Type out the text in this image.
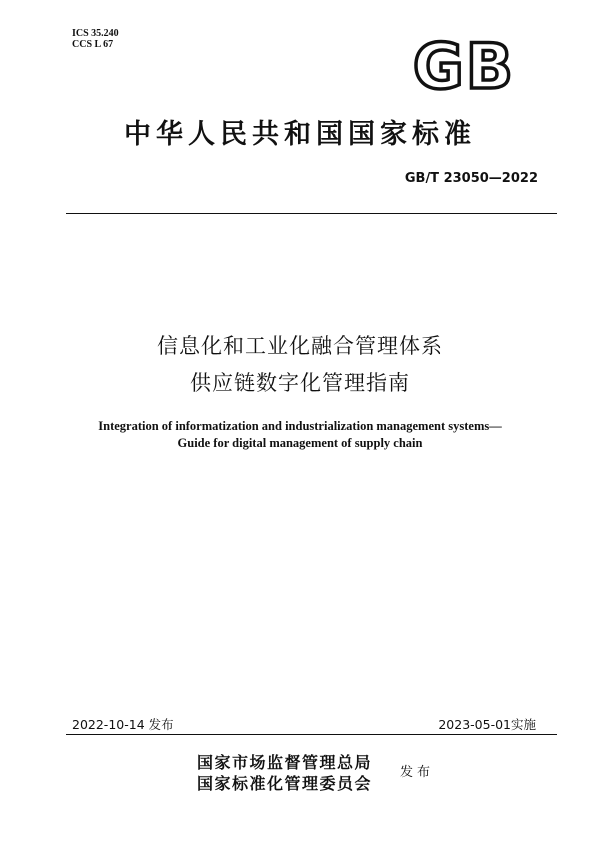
ICS 35.240
CCS L 67	GB
中华人民共和国国家标准
GB/T 23050—2022
信息化和工业化融合管理体系
供应链数字化管理指南
Integration of informatization and industrialization management systems—
Guide for digital management of supply chain
2022-10-14 发布	2023-05-01实施
国家市场监督管理总局
国家标准化管理委员会
发布
